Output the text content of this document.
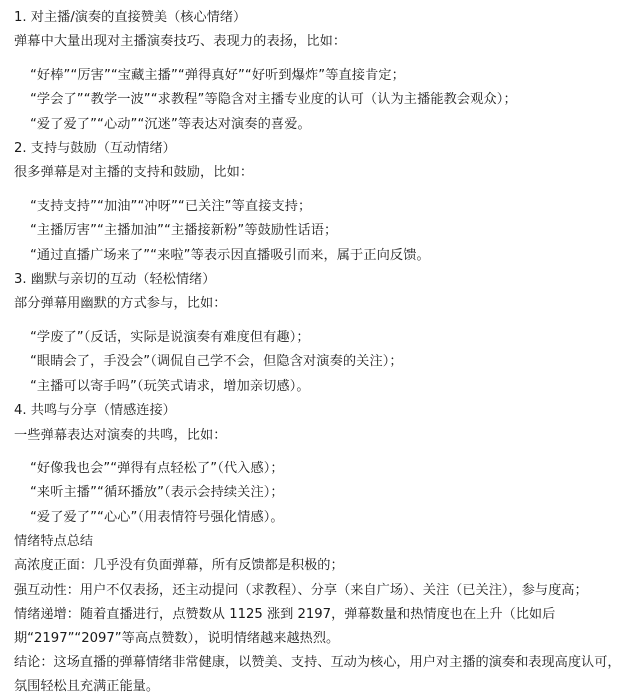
1. 对主播/演奏的直接赞美（核心情绪）
弹幕中大量出现对主播演奏技巧、表现力的表扬，比如：
“好棒”“厉害”“宝藏主播”“弹得真好”“好听到爆炸”等直接肯定；
“学会了”“教学一波”“求教程”等隐含对主播专业度的认可（认为主播能教会观众）；
“爱了爱了”“心动”“沉迷”等表达对演奏的喜爱。
2. 支持与鼓励（互动情绪）
很多弹幕是对主播的支持和鼓励，比如：
“支持支持”“加油”“冲呀”“已关注”等直接支持；
“主播厉害”“主播加油”“主播接新粉”等鼓励性话语；
“通过直播广场来了”“来啦”等表示因直播吸引而来，属于正向反馈。
3. 幽默与亲切的互动（轻松情绪）
部分弹幕用幽默的方式参与，比如：
“学废了”（反话，实际是说演奏有难度但有趣）；
“眼睛会了，手没会”（调侃自己学不会，但隐含对演奏的关注）；
“主播可以寄手吗”（玩笑式请求，增加亲切感）。
4. 共鸣与分享（情感连接）
一些弹幕表达对演奏的共鸣，比如：
“好像我也会”“弹得有点轻松了”（代入感）；
“来听主播”“循环播放”（表示会持续关注）；
“爱了爱了”“心心”（用表情符号强化情感）。
情绪特点总结
高浓度正面：几乎没有负面弹幕，所有反馈都是积极的；
强互动性：用户不仅表扬，还主动提问（求教程）、分享（来自广场）、关注（已关注），参与度高；
情绪递增：随着直播进行，点赞数从 1125 涨到 2197，弹幕数量和热情度也在上升（比如后期“2197”“2097”等高点赞数），说明情绪越来越热烈。
结论：这场直播的弹幕情绪非常健康，以赞美、支持、互动为核心，用户对主播的演奏和表现高度认可，氛围轻松且充满正能量。
